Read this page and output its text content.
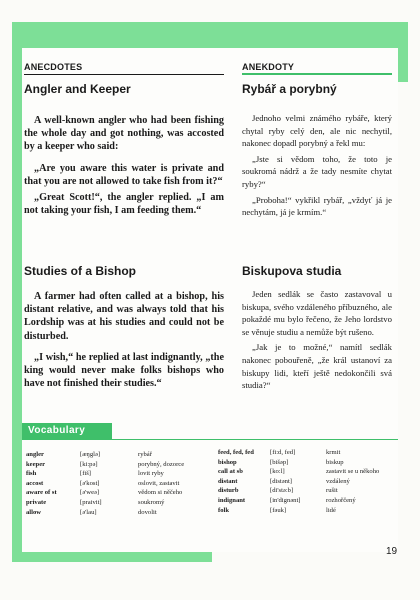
ANECDOTES	ANEKDOTY
Angler and Keeper	Rybář a porybný

A well-known angler who had been fishing the whole day and got nothing, was accosted by a keeper who said:

„Are you aware this water is private and that you are not allowed to take fish from it?“

„Great Scott!“, the angler replied. „I am not taking your fish, I am feeding them.“

Jednoho velmi známého rybáře, který chytal ryby celý den, ale nic nechytil, nakonec dopadl porybný a řekl mu:

„Jste si vědom toho, že toto je soukromá nádrž a že tady nesmíte chytat ryby?“

„Proboha!“ vykřikl rybář, „vždyť já je nechytám, já je krmím.“

Studies of a Bishop	Biskupova studia

A farmer had often called at a bishop, his distant relative, and was always told that his Lordship was at his studies and could not be disturbed.

„I wish,“ he replied at last indignantly, „the king would never make folks bishops who have not finished their studies.“

Jeden sedlák se často zastavoval u biskupa, svého vzdáleného příbuzného, ale pokaždé mu bylo řečeno, že Jeho lordstvo se věnuje studiu a nemůže být rušeno.

„Jak je to možné,“ namítl sedlák nakonec pobouřeně, „že král ustanoví za biskupy lidi, kteří ještě nedokončili svá studia?“

Vocabulary
angler	[æŋglə]	rybář
keeper	[ki:pə]	porybný, dozorce
fish	[fiš]	lovit ryby
accost	[ə'kost]	oslovit, zastavit
aware of st	[ə'weə]	vědom si něčeho
private	[praivit]	soukromý
allow	[ə'lau]	dovolit
feed, fed, fed	[fi:d, fed]	krmit
bishop	[bišəp]	biskup
call at sb	[ko:l]	zastavit se u někoho
distant	[distənt]	vzdálený
disturb	[di'stə:b]	rušit
indignant	[in'dignənt]	rozhořčený
folk	[fəuk]	lidé
19
